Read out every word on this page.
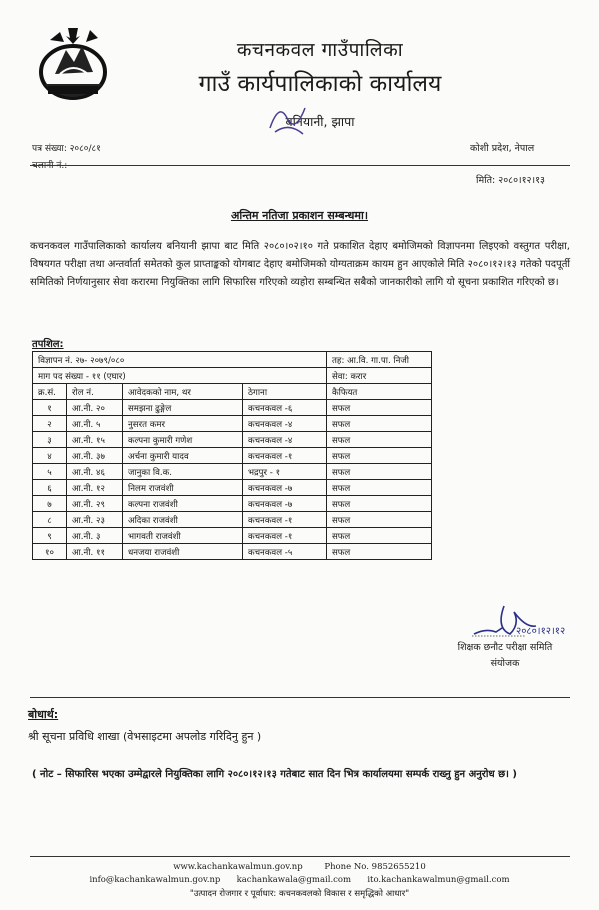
कचनकवल गाउँपालिका
गाउँ कार्यपालिकाको कार्यालय
बनियानी, झापा
पत्र संख्या: २०८०/८१
चलानी नं.:
कोशी प्रदेश, नेपाल
मिति: २०८०।१२।१३
अन्तिम नतिजा प्रकाशन सम्बन्धमा।
कचनकवल गाउँपालिकाको कार्यालय बनियानी झापा बाट मिति २०८०।०२।१० गते प्रकाशित देहाए बमोजिमको विज्ञापनमा लिइएको वस्तुगत परीक्षा, विषयगत परीक्षा तथा अन्तर्वार्ता समेतको कुल प्राप्ताङ्कको योगबाट देहाए बमोजिमको योग्यताक्रम कायम हुन आएकोले मिति २०८०।१२।१३ गतेको पदपूर्ती समितिको निर्णयानुसार सेवा करारमा नियुक्तिका लागि सिफारिस गरिएको व्यहोरा सम्बन्धित सबैको जानकारीको लागि यो सूचना प्रकाशित गरिएको छ।
तपशिल:
विज्ञापन नं. २७- २०७९/०८०				तह: आ.वि. गा.पा. निजी
माग पद संख्या - ११ (एघार)				सेवा: करार
क्र.सं.	रोल नं.	आवेदकको नाम, थर	ठेगाना	कैफियत
१	आ.नी. २०	समझना ढुङ्गेल	कचनकवल -६	सफल
२	आ.नी. ५	नुसरत कमर	कचनकवल -४	सफल
३	आ.नी. १५	कल्पना कुमारी गणेश	कचनकवल -४	सफल
४	आ.नी. ३७	अर्चना कुमारी यादव	कचनकवल -१	सफल
५	आ.नी. ४६	जानुका वि.क.	भद्रपुर - १	सफल
६	आ.नी. १२	निलम राजवंशी	कचनकवल -७	सफल
७	आ.नी. २९	कल्पना राजवंशी	कचनकवल -७	सफल
८	आ.नी. २३	अदिका राजवंशी	कचनकवल -१	सफल
९	आ.नी. ३	भागवती राजवंशी	कचनकवल -१	सफल
१०	आ.नी. ११	धनजया राजवंशी	कचनकवल -५	सफल
२०८०।१२।१२
शिक्षक छनौट परीक्षा समिति
संयोजक
बोधार्थ:
श्री सूचना प्रविधि शाखा (वेभसाइटमा अपलोड गरिदिनु हुन )
( नोट – सिफारिस भएका उम्मेद्वारले नियुक्तिका लागि २०८०।१२।१३ गतेबाट सात दिन भित्र कार्यालयमा सम्पर्क राख्नु हुन अनुरोध छ। )
www.kachankawalmun.gov.np	Phone No. 9852655210
info@kachankawalmun.gov.np kachankawala@gmail.com ito.kachankawalmun@gmail.com
"उत्पादन रोजगार र पूर्वाधार: कचनकवलको विकास र समृद्धिको आधार"
